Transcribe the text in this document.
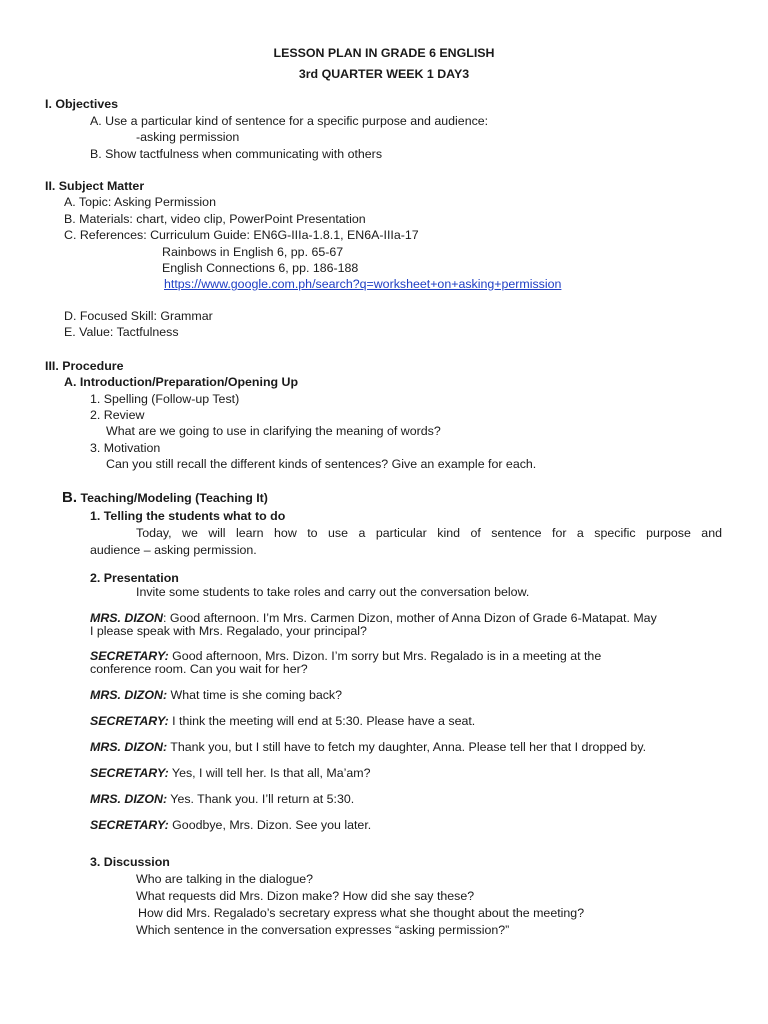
LESSON PLAN IN GRADE 6 ENGLISH
3rd QUARTER WEEK 1 DAY3
I. Objectives
A. Use a particular kind of sentence for a specific purpose and audience:
-asking permission
B. Show tactfulness when communicating with others
II. Subject Matter
A. Topic: Asking Permission
B. Materials: chart, video clip, PowerPoint Presentation
C. References: Curriculum Guide: EN6G-IIIa-1.8.1, EN6A-IIIa-17
Rainbows in English 6, pp. 65-67
English Connections 6, pp. 186-188
https://www.google.com.ph/search?q=worksheet+on+asking+permission
D. Focused Skill: Grammar
E. Value: Tactfulness
III. Procedure
A. Introduction/Preparation/Opening Up
1. Spelling (Follow-up Test)
2. Review
What are we going to use in clarifying the meaning of words?
3. Motivation
Can you still recall the different kinds of sentences? Give an example for each.
B. Teaching/Modeling (Teaching It)
1. Telling the students what to do
Today, we will learn how to use a particular kind of sentence for a specific purpose and
audience – asking permission.
2. Presentation
Invite some students to take roles and carry out the conversation below.
MRS. DIZON: Good afternoon. I’m Mrs. Carmen Dizon, mother of Anna Dizon of Grade 6-Matapat. May
I please speak with Mrs. Regalado, your principal?
SECRETARY: Good afternoon, Mrs. Dizon. I’m sorry but Mrs. Regalado is in a meeting at the
conference room. Can you wait for her?
MRS. DIZON: What time is she coming back?
SECRETARY: I think the meeting will end at 5:30. Please have a seat.
MRS. DIZON: Thank you, but I still have to fetch my daughter, Anna. Please tell her that I dropped by.
SECRETARY: Yes, I will tell her. Is that all, Ma’am?
MRS. DIZON: Yes. Thank you. I’ll return at 5:30.
SECRETARY: Goodbye, Mrs. Dizon. See you later.
3. Discussion
Who are talking in the dialogue?
What requests did Mrs. Dizon make? How did she say these?
How did Mrs. Regalado’s secretary express what she thought about the meeting?
Which sentence in the conversation expresses “asking permission?”
